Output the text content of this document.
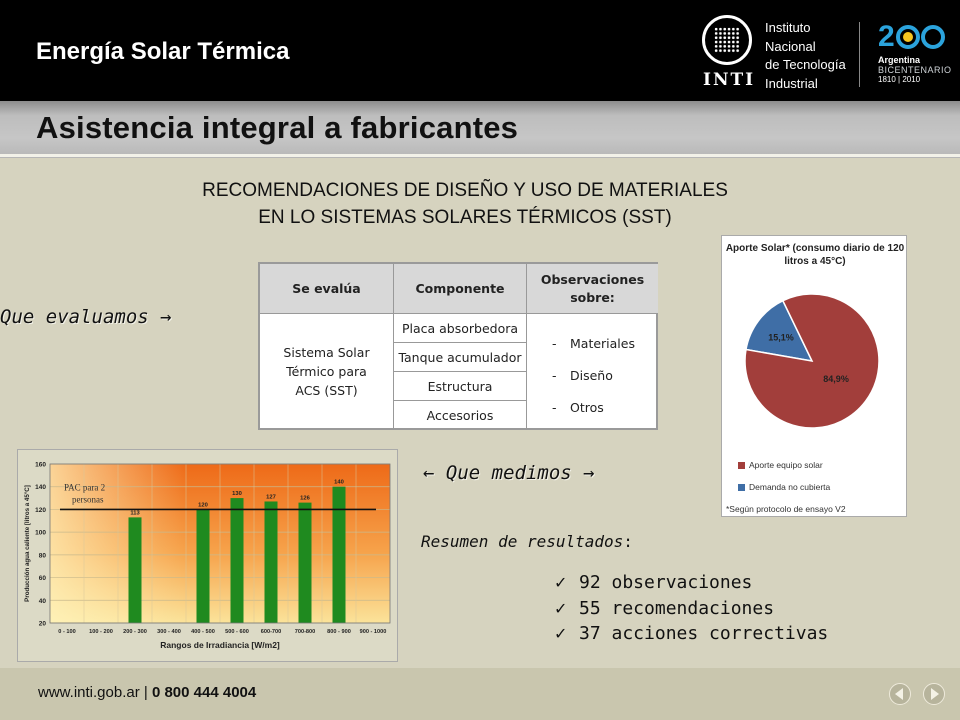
Energía Solar Térmica
INTI
Instituto
Nacional
de Tecnología
Industrial
2
Argentina
BICENTENARIO
1810 | 2010
Asistencia integral a fabricantes
RECOMENDACIONES DE DISEÑO Y USO DE MATERIALES
EN LO SISTEMAS SOLARES TÉRMICOS (SST)
Que evaluamos →
Se evalúa	Componente
Observaciones sobre:
Sistema Solar Térmico para ACS (SST)
Placa absorbedora
Tanque acumulador
Estructura
Accesorios
- Materiales
- Diseño
- Otros
Aporte Solar* (consumo diario de 120 litros a 45°C)
15,1%
84,9%
Aporte equipo solar
Demanda no cubierta
*Según protocolo de ensayo V2
← Que medimos →
Resumen de resultados:
✓ 92 observaciones
✓ 55 recomendaciones
✓ 37 acciones correctivas
20
40
60
80
100
120
140
160
0 - 100 100 - 200 200 - 300
113
300 - 400 400 - 500
120
500 - 600
130
600-700
127
700-800
126
800 - 900
140
900 - 1000
PAC para 2
personas
Rangos de Irradiancia [W/m2]
Producción agua caliente [litros a 45°C]
www.inti.gob.ar | 0 800 444 4004
